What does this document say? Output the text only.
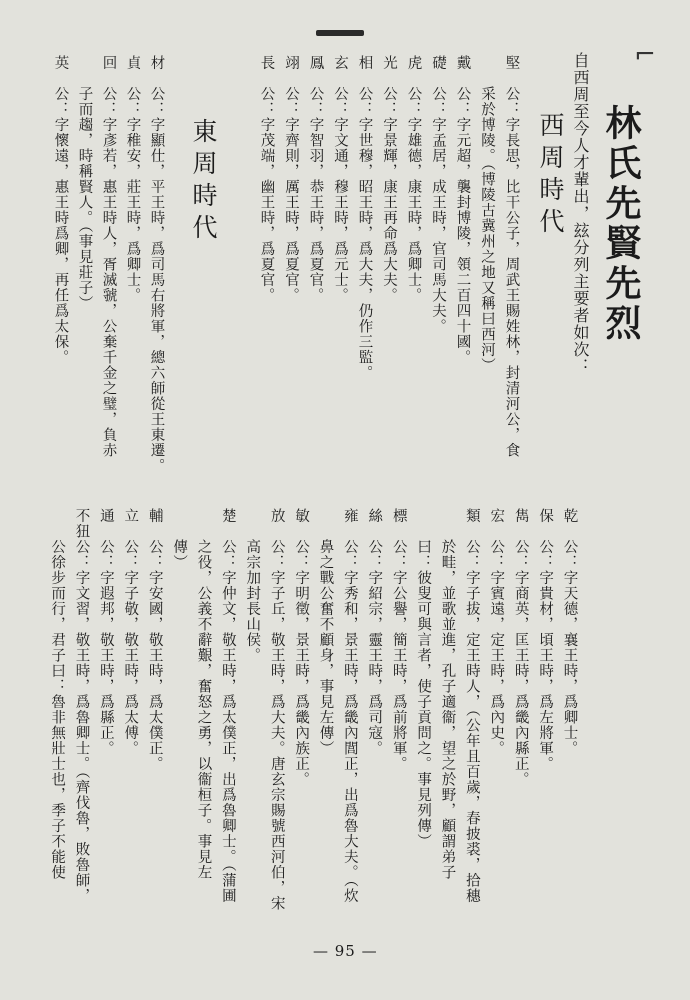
⌐
林氏先賢先烈
自西周至今人才輩出，玆分列主要者如次：
西周時代
東周時代	堅　公：字長思，比干公子，周武王賜姓林，封清河公，食
　　采於博陵。（博陵古冀州之地又稱曰西河）
戴　公：字元超，襲封博陵，領二百四十國。
礎　公：字孟居，成王時，官司馬大夫。
虎　公：字雄德，康王時，爲卿士。
光　公：字景輝，康王再命爲大夫。
相　公：字世穆，昭王時，爲大夫，仍作三監。
玄　公：字文通，穆王時，爲元士。
鳳　公：字智羽，恭王時，爲夏官。
翊　公：字齊則，厲王時，爲夏官。
長　公：字茂端，幽王時，爲夏官。
材　公：字顯仕，平王時，爲司馬右將軍，總六師從王東遷。
貞　公：字稚安，莊王時，爲卿士。
回　公：字彥若，惠王時人，胥滅虢，公棄千金之璧，負赤
　　子而趨，時稱賢人。（事見莊子）
英　公：字懷遠，惠王時爲卿，再任爲太保。
乾　公：字天德，襄王時，爲卿士。
保　公：字貴材，頃王時，爲左將軍。
雋　公：字商英，匡王時，爲畿內縣正。
宏　公：字賓遠，定王時，爲內史。
類　公：字子拔，定王時人，（公年且百歲，春披裘，拾穗
　　於畦，並歌並進，孔子適衞，望之於野，顧謂弟子
　　曰：彼叟可與言者，使子貢問之。事見列傳）
標　公：字公譽，簡王時，爲前將軍。
絲　公：字紹宗，靈王時，爲司寇。
雍　公：字秀和，景王時，爲畿內閭正，出爲魯大夫。（炊
　　鼻之戰公奮不顧身，事見左傳）
敏　公：字明徵，景王時，爲畿內族正。
放　公：字子丘，敬王時，爲大夫。唐玄宗賜號西河伯，宋
　　高宗加封長山侯。
楚　公：字仲文，敬王時，爲太僕正，出爲魯卿士。（蒲圃
　　之役，公義不辭艱，奮怒之勇，以衞桓子。事見左
　　傳）
輔　公：字安國，敬王時，爲太僕正。
立　公：字子敬，敬王時，爲太傅。
通　公：字遐邦，敬王時，爲縣正。
不狃公：字文習，敬王時，爲魯卿士。（齊伐魯，敗魯師，
　　公徐步而行，君子曰：魯非無壯士也，季子不能使
— 95 —
